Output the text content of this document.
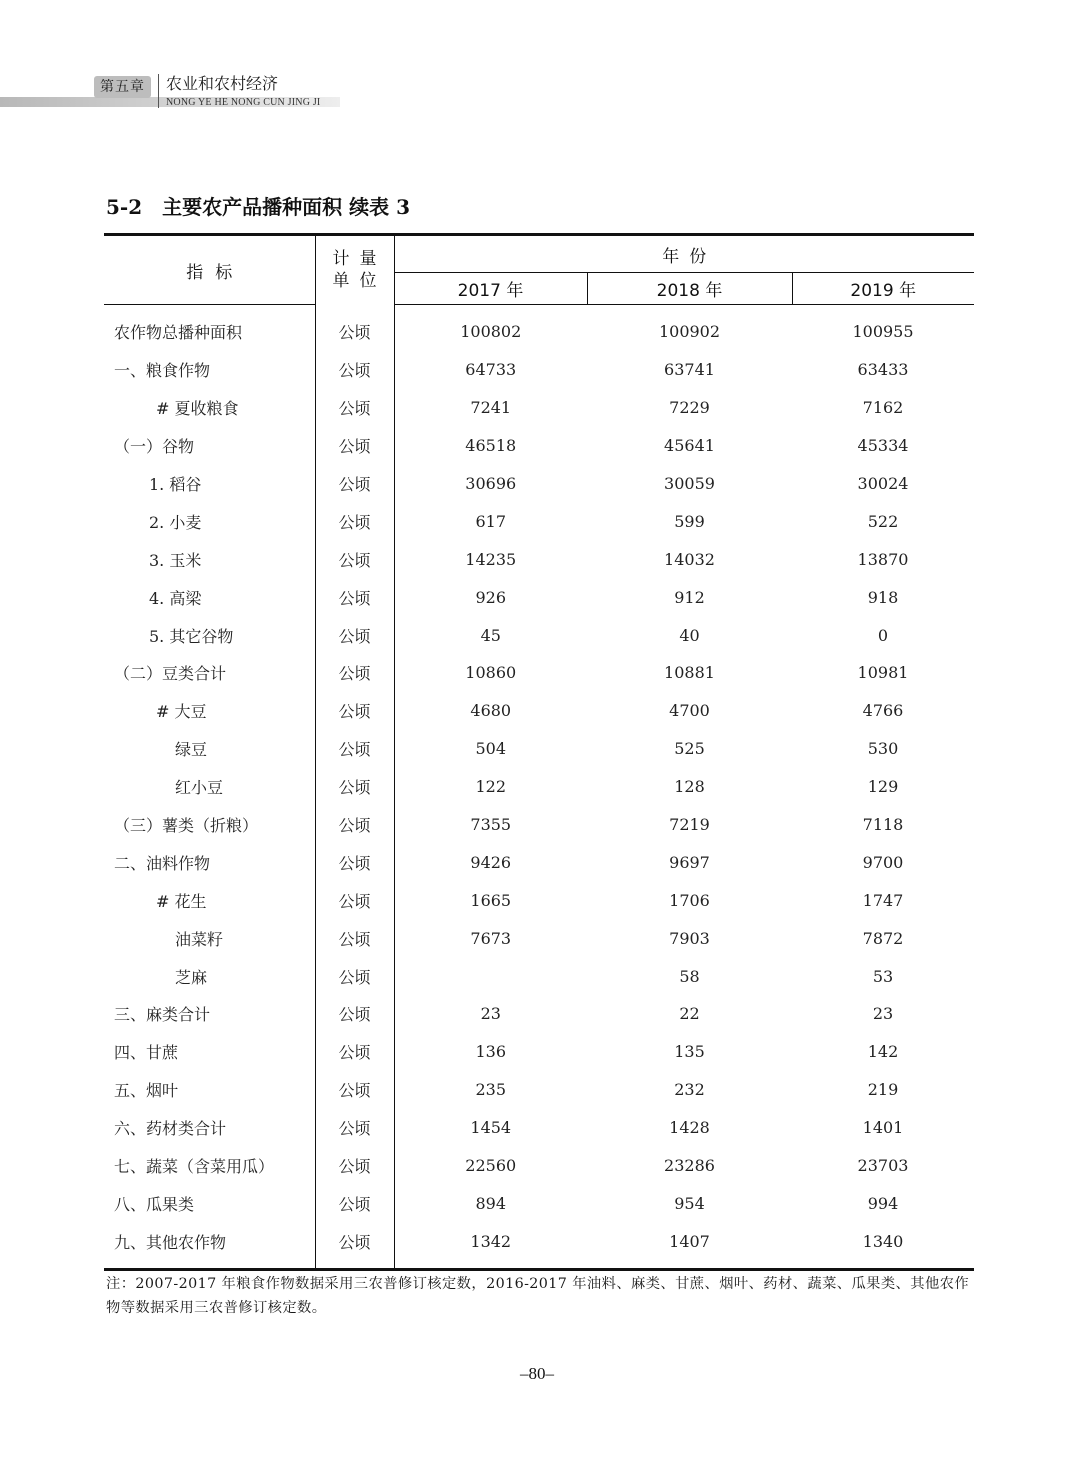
第五章	农业和农村经济
NONG YE HE NONG CUN JING JI
5-2 主要农产品播种面积 续表 3
指标	计量
单位	年份		
		2017 年	2018 年	2019 年
农作物总播种面积	公顷	100802	100902	100955
一、粮食作物	公顷	64733	63741	63433
# 夏收粮食	公顷	7241	7229	7162
（一）谷物	公顷	46518	45641	45334
1. 稻谷	公顷	30696	30059	30024
2. 小麦	公顷	617	599	522
3. 玉米	公顷	14235	14032	13870
4. 高梁	公顷	926	912	918
5. 其它谷物	公顷	45	40	0
（二）豆类合计	公顷	10860	10881	10981
# 大豆	公顷	4680	4700	4766
绿豆	公顷	504	525	530
红小豆	公顷	122	128	129
（三）薯类（折粮）	公顷	7355	7219	7118
二、油料作物	公顷	9426	9697	9700
# 花生	公顷	1665	1706	1747
油菜籽	公顷	7673	7903	7872
芝麻	公顷		58	53
三、麻类合计	公顷	23	22	23
四、甘蔗	公顷	136	135	142
五、烟叶	公顷	235	232	219
六、药材类合计	公顷	1454	1428	1401
七、蔬菜（含菜用瓜）	公顷	22560	23286	23703
八、瓜果类	公顷	894	954	994
九、其他农作物	公顷	1342	1407	1340
注：2007-2017 年粮食作物数据采用三农普修订核定数，2016-2017 年油料、麻类、甘蔗、烟叶、药材、蔬菜、瓜果类、其他农作物等数据采用三农普修订核定数。
–80–
